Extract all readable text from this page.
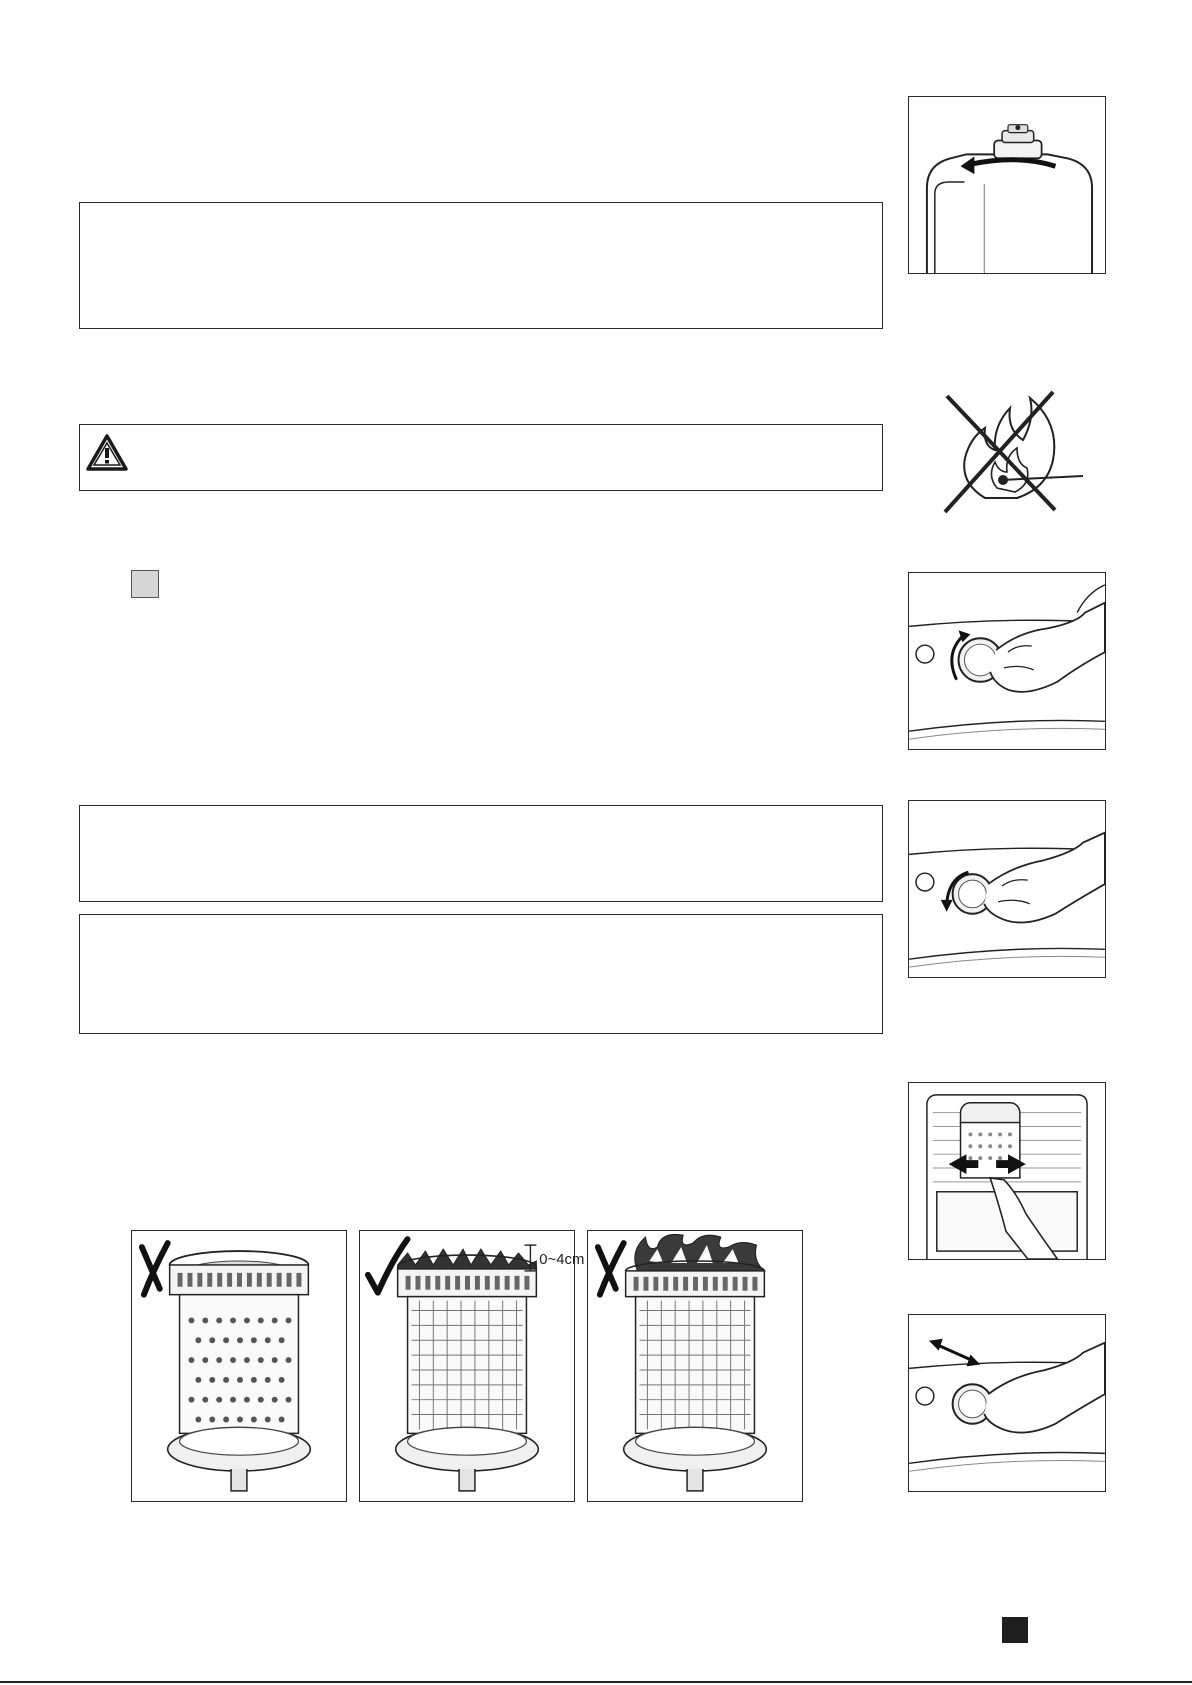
0~4cm
